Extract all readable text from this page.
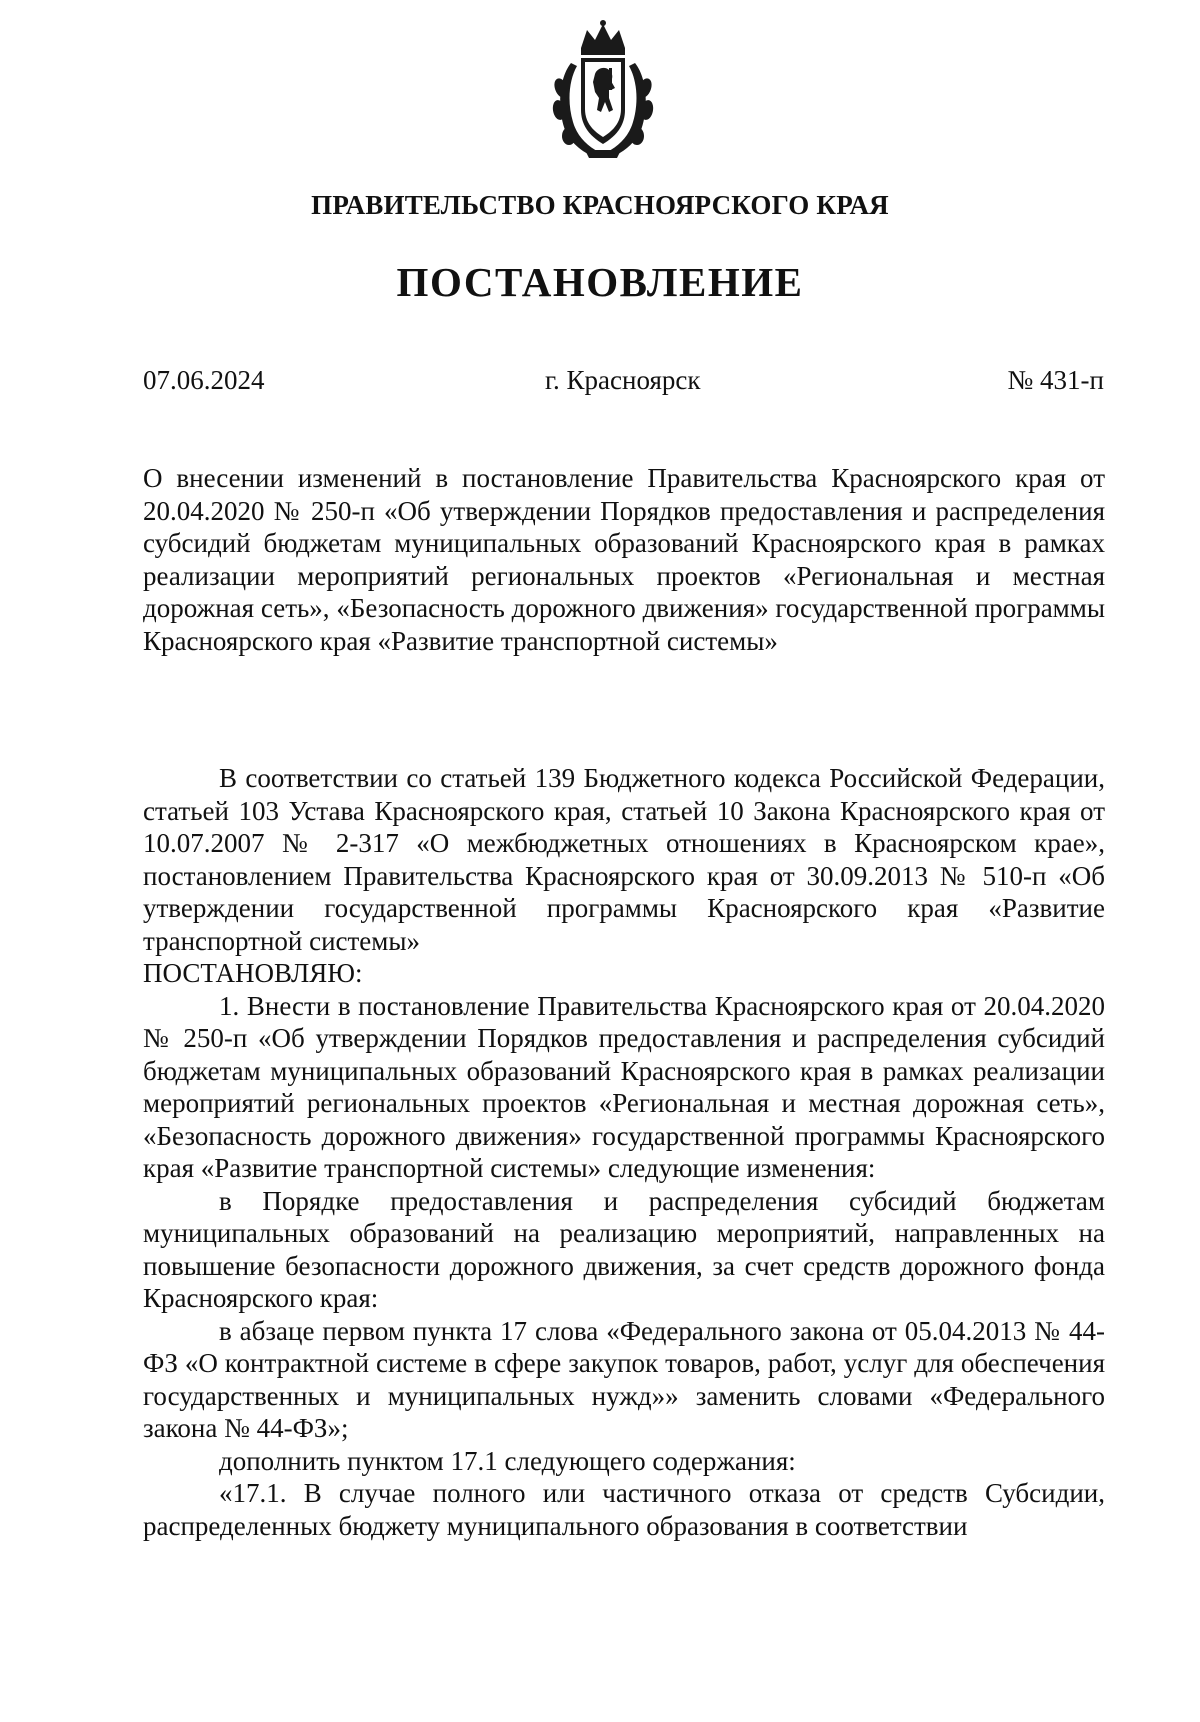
ПРАВИТЕЛЬСТВО КРАСНОЯРСКОГО КРАЯ
ПОСТАНОВЛЕНИЕ
07.06.2024	г. Красноярск	№ 431-п

О внесении изменений в постановление Правительства Красноярского края от 20.04.2020 № 250-п «Об утверждении Порядков предоставления и распределения субсидий бюджетам муниципальных образований Красноярского края в рамках реализации мероприятий региональных проектов «Региональная и местная дорожная сеть», «Безопасность дорожного движения» государственной программы Красноярского края «Развитие транспортной системы»

В соответствии со статьей 139 Бюджетного кодекса Российской Федерации, статьей 103 Устава Красноярского края, статьей 10 Закона Красноярского края от 10.07.2007 № 2-317 «О межбюджетных отношениях в Красноярском крае», постановлением Правительства Красноярского края от 30.09.2013 № 510-п «Об утверждении государственной программы Красноярского края «Развитие транспортной системы»

ПОСТАНОВЛЯЮ:

1. Внести в постановление Правительства Красноярского края от 20.04.2020 № 250-п «Об утверждении Порядков предоставления и распределения субсидий бюджетам муниципальных образований Красноярского края в рамках реализации мероприятий региональных проектов «Региональная и местная дорожная сеть», «Безопасность дорожного движения» государственной программы Красноярского края «Развитие транспортной системы» следующие изменения:

в Порядке предоставления и распределения субсидий бюджетам муниципальных образований на реализацию мероприятий, направленных на повышение безопасности дорожного движения, за счет средств дорожного фонда Красноярского края:

в абзаце первом пункта 17 слова «Федерального закона от 05.04.2013 № 44-ФЗ «О контрактной системе в сфере закупок товаров, работ, услуг для обеспечения государственных и муниципальных нужд»» заменить словами «Федерального закона № 44-ФЗ»;

дополнить пунктом 17.1 следующего содержания:

«17.1. В случае полного или частичного отказа от средств Субсидии, распределенных бюджету муниципального образования в соответствии
